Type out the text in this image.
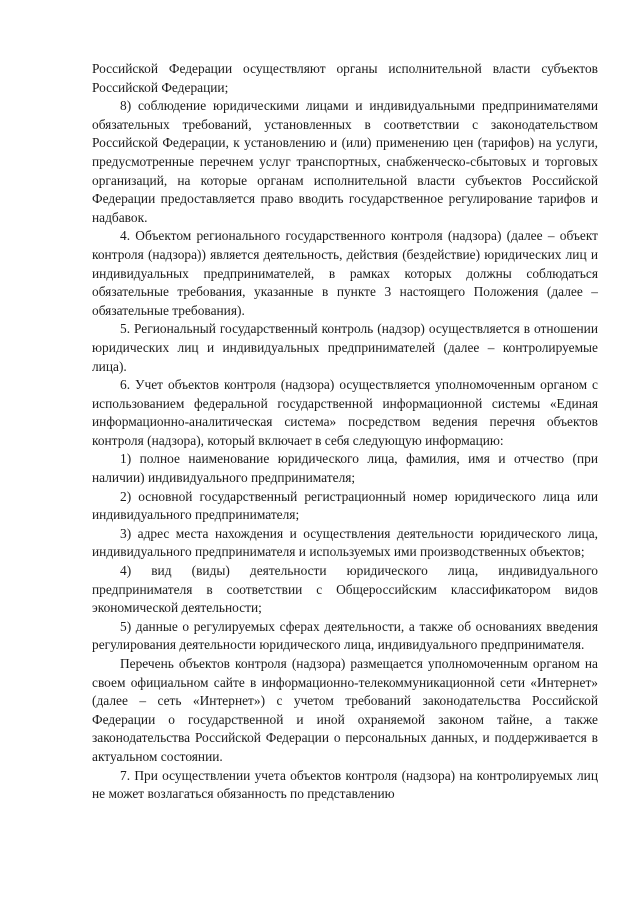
Российской Федерации осуществляют органы исполнительной власти субъектов Российской Федерации;

8) соблюдение юридическими лицами и индивидуальными предпринимателями обязательных требований, установленных в соответствии с законодательством Российской Федерации, к установлению и (или) применению цен (тарифов) на услуги, предусмотренные перечнем услуг транспортных, снабженческо-сбытовых и торговых организаций, на которые органам исполнительной власти субъектов Российской Федерации предоставляется право вводить государственное регулирование тарифов и надбавок.

4. Объектом регионального государственного контроля (надзора) (далее – объект контроля (надзора)) является деятельность, действия (бездействие) юридических лиц и индивидуальных предпринимателей, в рамках которых должны соблюдаться обязательные требования, указанные в пункте 3 настоящего Положения (далее – обязательные требования).

5. Региональный государственный контроль (надзор) осуществляется в отношении юридических лиц и индивидуальных предпринимателей (далее – контролируемые лица).

6. Учет объектов контроля (надзора) осуществляется уполномоченным органом с использованием федеральной государственной информационной системы «Единая информационно-аналитическая система» посредством ведения перечня объектов контроля (надзора), который включает в себя следующую информацию:

1) полное наименование юридического лица, фамилия, имя и отчество (при наличии) индивидуального предпринимателя;

2) основной государственный регистрационный номер юридического лица или индивидуального предпринимателя;

3) адрес места нахождения и осуществления деятельности юридического лица, индивидуального предпринимателя и используемых ими производственных объектов;

4) вид (виды) деятельности юридического лица, индивидуального предпринимателя в соответствии с Общероссийским классификатором видов экономической деятельности;

5) данные о регулируемых сферах деятельности, а также об основаниях введения регулирования деятельности юридического лица, индивидуального предпринимателя.

Перечень объектов контроля (надзора) размещается уполномоченным органом на своем официальном сайте в информационно-телекоммуникационной сети «Интернет» (далее – сеть «Интернет») с учетом требований законодательства Российской Федерации о государственной и иной охраняемой законом тайне, а также законодательства Российской Федерации о персональных данных, и поддерживается в актуальном состоянии.

7. При осуществлении учета объектов контроля (надзора) на контролируемых лиц не может возлагаться обязанность по представлению
